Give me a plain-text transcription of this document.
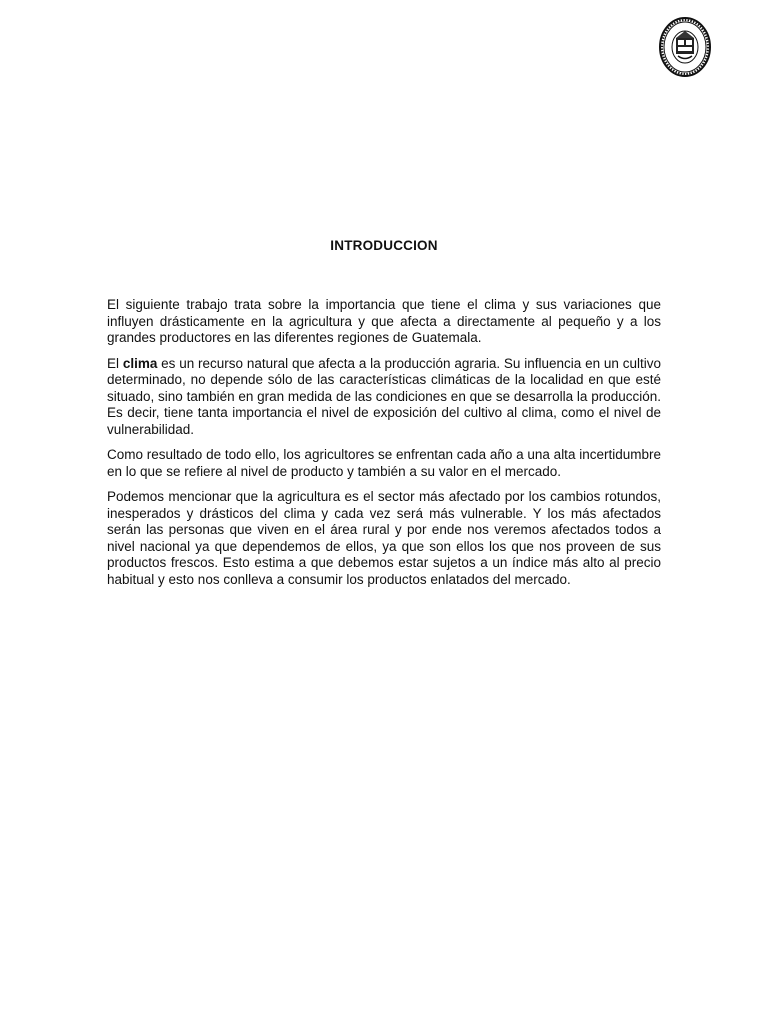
INTRODUCCION

El siguiente trabajo trata sobre la importancia que tiene el clima y sus variaciones que influyen drásticamente en la agricultura y que afecta a directamente al pequeño y a los grandes productores en las diferentes regiones de Guatemala.

El clima es un recurso natural que afecta a la producción agraria. Su influencia en un cultivo determinado, no depende sólo de las características climáticas de la localidad en que esté situado, sino también en gran medida de las condiciones en que se desarrolla la producción. Es decir, tiene tanta importancia el nivel de exposición del cultivo al clima, como el nivel de vulnerabilidad.

Como resultado de todo ello, los agricultores se enfrentan cada año a una alta incertidumbre en lo que se refiere al nivel de producto y también a su valor en el mercado.

Podemos mencionar que la agricultura es el sector más afectado por los cambios rotundos, inesperados y drásticos del clima y cada vez será más vulnerable. Y los más afectados serán las personas que viven en el área rural y por ende nos veremos afectados todos a nivel nacional ya que dependemos de ellos, ya que son ellos los que nos proveen de sus productos frescos. Esto estima a que debemos estar sujetos a un índice más alto al precio habitual y esto nos conlleva a consumir los productos enlatados del mercado.
